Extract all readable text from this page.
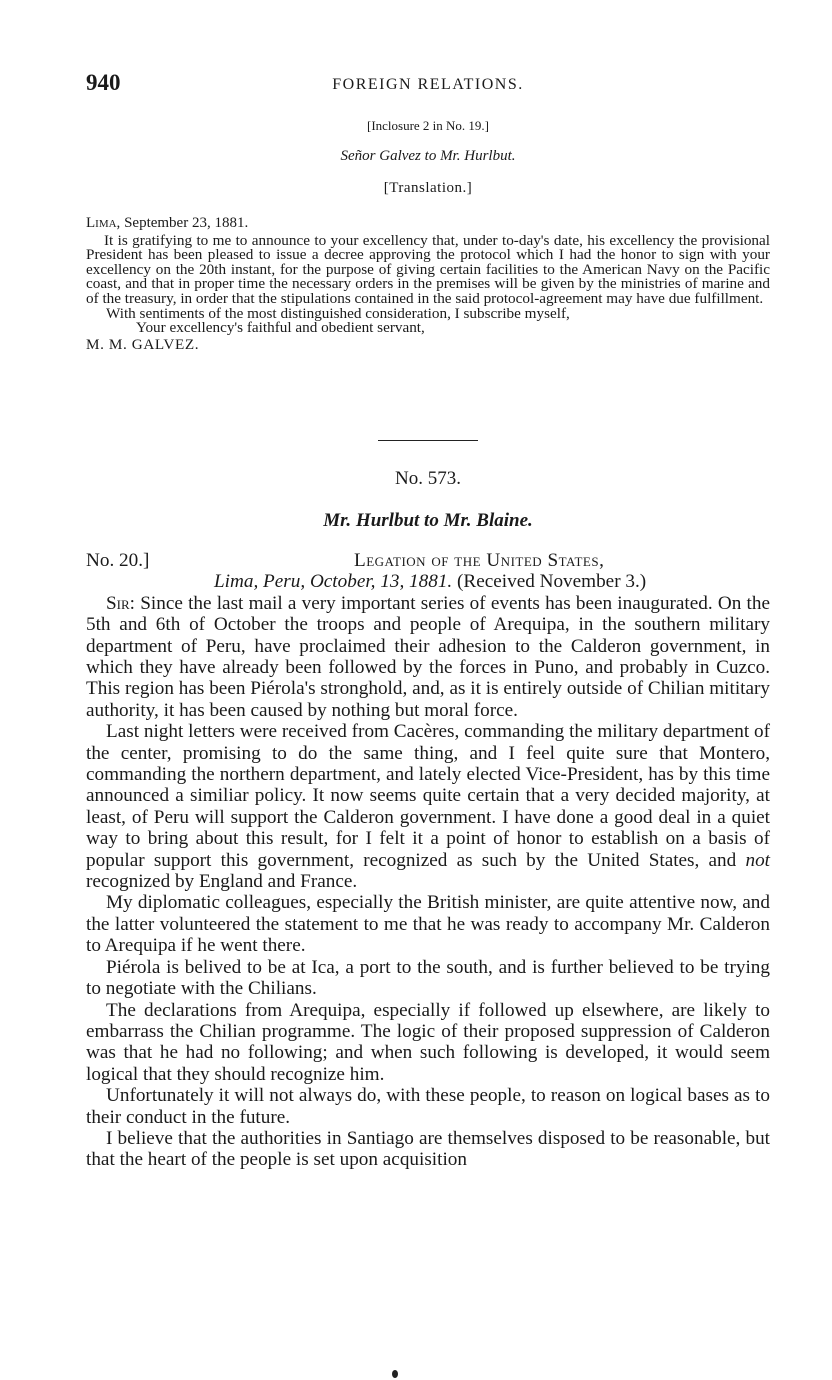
940	FOREIGN RELATIONS.
[Inclosure 2 in No. 19.]
Señor Galvez to Mr. Hurlbut.
[Translation.]

Lima, September 23, 1881.

It is gratifying to me to announce to your excellency that, under to-day's date, his excellency the provisional President has been pleased to issue a decree approving the protocol which I had the honor to sign with your excellency on the 20th instant, for the purpose of giving certain facilities to the American Navy on the Pacific coast, and that in proper time the necessary orders in the premises will be given by the ministries of marine and of the treasury, in order that the stipulations contained in the said protocol-agreement may have due fulfillment.

With sentiments of the most distinguished consideration, I subscribe myself,

Your excellency's faithful and obedient servant,

M. M. GALVEZ.

No. 573.
Mr. Hurlbut to Mr. Blaine.
No. 20.]	Legation of the United States,
Lima, Peru, October, 13, 1881. (Received November 3.)

Sir: Since the last mail a very important series of events has been inaugurated. On the 5th and 6th of October the troops and people of Arequipa, in the southern military department of Peru, have proclaimed their adhesion to the Calderon government, in which they have already been followed by the forces in Puno, and probably in Cuzco. This region has been Piérola's stronghold, and, as it is entirely outside of Chilian mititary authority, it has been caused by nothing but moral force.

Last night letters were received from Cacères, commanding the military department of the center, promising to do the same thing, and I feel quite sure that Montero, commanding the northern department, and lately elected Vice-President, has by this time announced a similiar policy. It now seems quite certain that a very decided majority, at least, of Peru will support the Calderon government. I have done a good deal in a quiet way to bring about this result, for I felt it a point of honor to establish on a basis of popular support this government, recognized as such by the United States, and not recognized by England and France.

My diplomatic colleagues, especially the British minister, are quite attentive now, and the latter volunteered the statement to me that he was ready to accompany Mr. Calderon to Arequipa if he went there.

Piérola is belived to be at Ica, a port to the south, and is further believed to be trying to negotiate with the Chilians.

The declarations from Arequipa, especially if followed up elsewhere, are likely to embarrass the Chilian programme. The logic of their proposed suppression of Calderon was that he had no following; and when such following is developed, it would seem logical that they should recognize him.

Unfortunately it will not always do, with these people, to reason on logical bases as to their conduct in the future.

I believe that the authorities in Santiago are themselves disposed to be reasonable, but that the heart of the people is set upon acquisition
